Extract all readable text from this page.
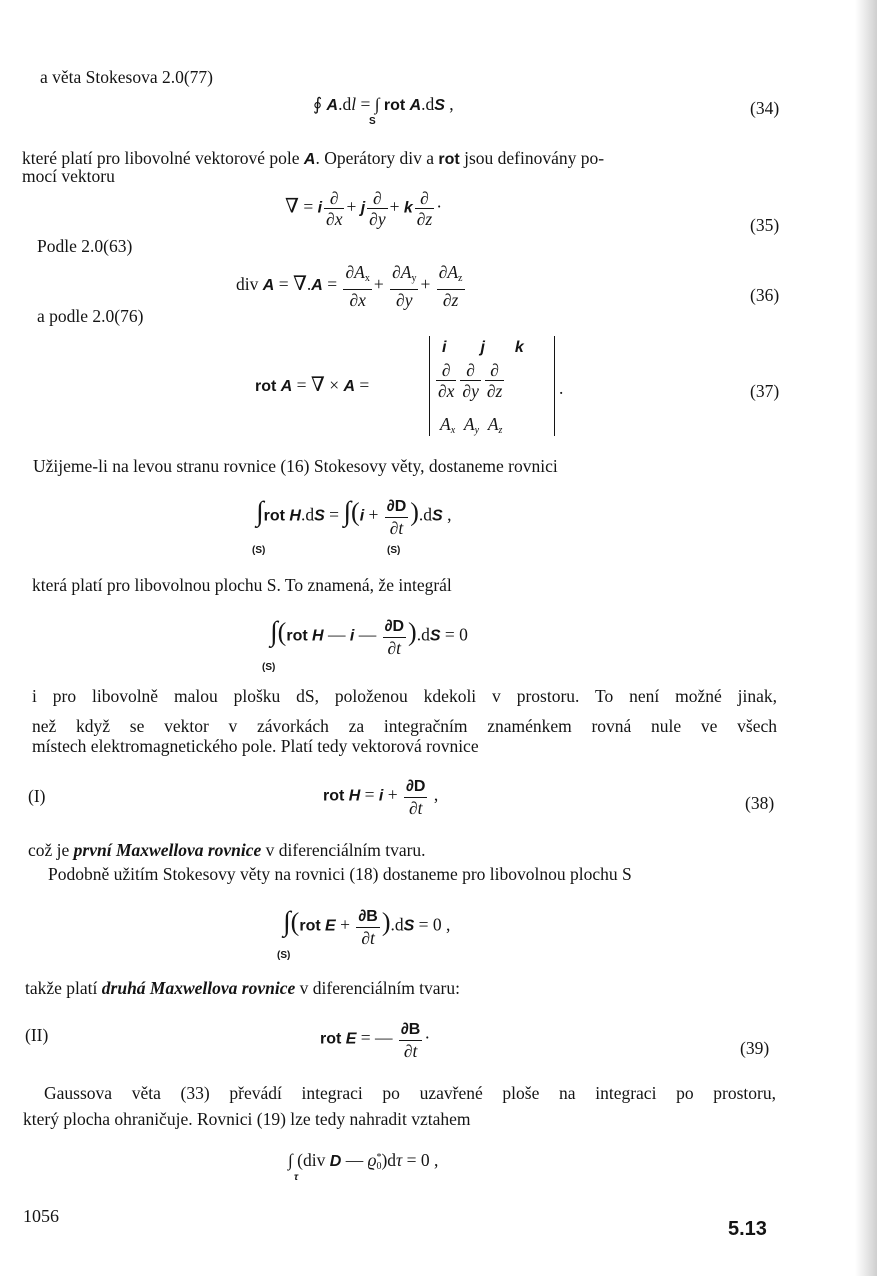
a věta Stokesova 2.0(77)
∮ A.dl = ∫ rot A.dS ,
S
(34)
které platí pro libovolné vektorové pole A. Operátory div a rot jsou definovány po-
mocí vektoru
∇ = i $\frac{\partial}{\partial x} + j \frac{\partial}{\partial y} + k \frac{\partial}{\partial z}$ ·
(35)
Podle 2.0(63)
div $A = \nabla.A = \frac{\partial A_x}{\partial x} + \frac{\partial A_y}{\partial y} + \frac{\partial A_z}{\partial z}$	(36)
a podle 2.0(76)
rot A = ∇ × A =
i j k
$\frac{\partial}{\partial x} \frac{\partial}{\partial y} \frac{\partial}{\partial z}$
$A_x$  $A_y$  $A_z$
.	(37)
Užijeme-li na levou stranu rovnice (16) Stokesovy věty, dostaneme rovnici
∫rot $H.dS = \int(i + \frac{\partial D}{\partial t} ).dS$ ,
(S)	(S)
která platí pro libovolnou plochu S. To znamená, že integrál
∫(rot H — i — $\frac{\partial D}{\partial t} ).dS = 0$
(S)
i pro libovolně malou plošku dS, položenou kdekoli v prostoru. To není možné jinak,
než když se vektor v závorkách za integračním znaménkem rovná nule ve všech
místech elektromagnetického pole. Platí tedy vektorová rovnice
(I)	rot $H = i + \frac{\partial D}{\partial t}$ ,	(38)
což je první Maxwellova rovnice v diferenciálním tvaru.
Podobně užitím Stokesovy věty na rovnici (18) dostaneme pro libovolnou plochu S
∫(rot $E + \frac{\partial B}{\partial t} ).dS = 0$ ,
(S)
takže platí druhá Maxwellova rovnice v diferenciálním tvaru:
(II)	rot E = — $\frac{\partial B}{\partial t}$ ·
(39)
Gaussova věta (33) převádí integraci po uzavřené ploše na integraci po prostoru,
který plocha ohraničuje. Rovnici (19) lze tedy nahradit vztahem
∫ (div D — $ϱ_0^*)d\tau = 0$ ,
τ
1056
5.13
